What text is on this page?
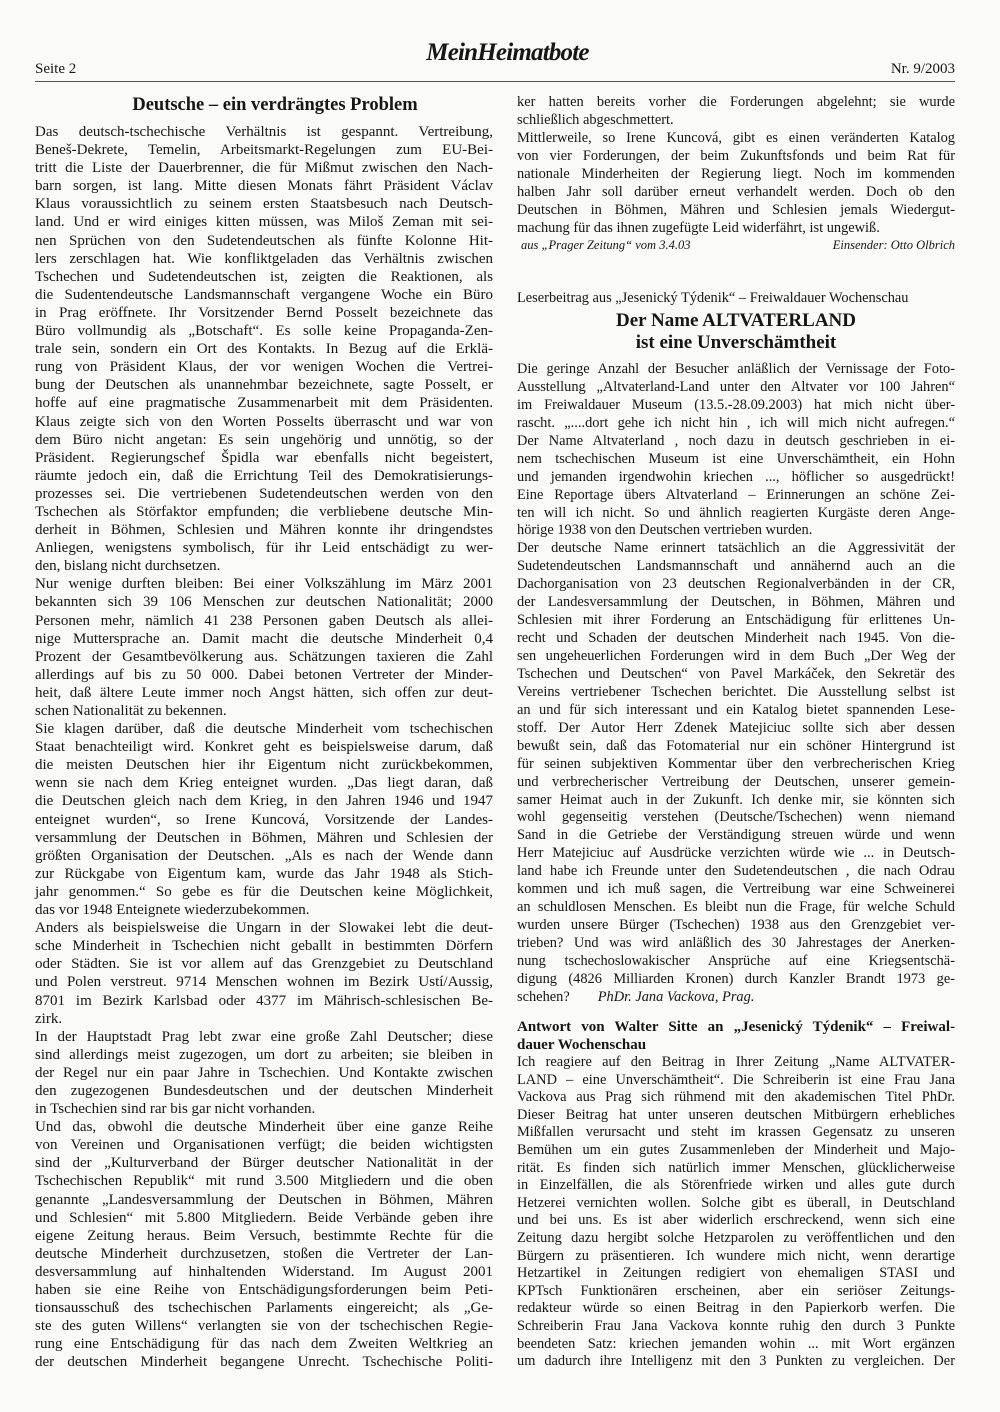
Seite 2
MeinHeimatbote
Nr. 9/2003
Deutsche – ein verdrängtes Problem
Das deutsch-tschechische Verhältnis ist gespannt. Vertreibung,
Beneš-Dekrete, Temelin, Arbeitsmarkt-Regelungen zum EU-Bei-
tritt die Liste der Dauerbrenner, die für Mißmut zwischen den Nach-
barn sorgen, ist lang. Mitte diesen Monats fährt Präsident Václav
Klaus voraussichtlich zu seinem ersten Staatsbesuch nach Deutsch-
land. Und er wird einiges kitten müssen, was Miloš Zeman mit sei-
nen Sprüchen von den Sudetendeutschen als fünfte Kolonne Hit-
lers zerschlagen hat. Wie konfliktgeladen das Verhältnis zwischen
Tschechen und Sudetendeutschen ist, zeigten die Reaktionen, als
die Sudentendeutsche Landsmannschaft vergangene Woche ein Büro
in Prag eröffnete. Ihr Vorsitzender Bernd Posselt bezeichnete das
Büro vollmundig als „Botschaft“. Es solle keine Propaganda-Zen-
trale sein, sondern ein Ort des Kontakts. In Bezug auf die Erklä-
rung von Präsident Klaus, der vor wenigen Wochen die Vertrei-
bung der Deutschen als unannehmbar bezeichnete, sagte Posselt, er
hoffe auf eine pragmatische Zusammenarbeit mit dem Präsidenten.
Klaus zeigte sich von den Worten Posselts überrascht und war von
dem Büro nicht angetan: Es sein ungehörig und unnötig, so der
Präsident. Regierungschef Špidla war ebenfalls nicht begeistert,
räumte jedoch ein, daß die Errichtung Teil des Demokratisierungs-
prozesses sei. Die vertriebenen Sudetendeutschen werden von den
Tschechen als Störfaktor empfunden; die verbliebene deutsche Min-
derheit in Böhmen, Schlesien und Mähren konnte ihr dringendstes
Anliegen, wenigstens symbolisch, für ihr Leid entschädigt zu wer-
den, bislang nicht durchsetzen.
Nur wenige durften bleiben: Bei einer Volkszählung im März 2001
bekannten sich 39 106 Menschen zur deutschen Nationalität; 2000
Personen mehr, nämlich 41 238 Personen gaben Deutsch als allei-
nige Muttersprache an. Damit macht die deutsche Minderheit 0,4
Prozent der Gesamtbevölkerung aus. Schätzungen taxieren die Zahl
allerdings auf bis zu 50 000. Dabei betonen Vertreter der Minder-
heit, daß ältere Leute immer noch Angst hätten, sich offen zur deut-
schen Nationalität zu bekennen.
Sie klagen darüber, daß die deutsche Minderheit vom tschechischen
Staat benachteiligt wird. Konkret geht es beispielsweise darum, daß
die meisten Deutschen hier ihr Eigentum nicht zurückbekommen,
wenn sie nach dem Krieg enteignet wurden. „Das liegt daran, daß
die Deutschen gleich nach dem Krieg, in den Jahren 1946 und 1947
enteignet wurden“, so Irene Kuncová, Vorsitzende der Landes-
versammlung der Deutschen in Böhmen, Mähren und Schlesien der
größten Organisation der Deutschen. „Als es nach der Wende dann
zur Rückgabe von Eigentum kam, wurde das Jahr 1948 als Stich-
jahr genommen.“ So gebe es für die Deutschen keine Möglichkeit,
das vor 1948 Enteignete wiederzubekommen.
Anders als beispielsweise die Ungarn in der Slowakei lebt die deut-
sche Minderheit in Tschechien nicht geballt in bestimmten Dörfern
oder Städten. Sie ist vor allem auf das Grenzgebiet zu Deutschland
und Polen verstreut. 9714 Menschen wohnen im Bezirk Ustí/Aussig,
8701 im Bezirk Karlsbad oder 4377 im Mährisch-schlesischen Be-
zirk.
In der Hauptstadt Prag lebt zwar eine große Zahl Deutscher; diese
sind allerdings meist zugezogen, um dort zu arbeiten; sie bleiben in
der Regel nur ein paar Jahre in Tschechien. Und Kontakte zwischen
den zugezogenen Bundesdeutschen und der deutschen Minderheit
in Tschechien sind rar bis gar nicht vorhanden.
Und das, obwohl die deutsche Minderheit über eine ganze Reihe
von Vereinen und Organisationen verfügt; die beiden wichtigsten
sind der „Kulturverband der Bürger deutscher Nationalität in der
Tschechischen Republik“ mit rund 3.500 Mitgliedern und die oben
genannte „Landesversammlung der Deutschen in Böhmen, Mähren
und Schlesien“ mit 5.800 Mitgliedern. Beide Verbände geben ihre
eigene Zeitung heraus. Beim Versuch, bestimmte Rechte für die
deutsche Minderheit durchzusetzen, stoßen die Vertreter der Lan-
desversammlung auf hinhaltenden Widerstand. Im August 2001
haben sie eine Reihe von Entschädigungsforderungen beim Peti-
tionsausschuß des tschechischen Parlaments eingereicht; als „Ge-
ste des guten Willens“ verlangten sie von der tschechischen Regie-
rung eine Entschädigung für das nach dem Zweiten Weltkrieg an
der deutschen Minderheit begangene Unrecht. Tschechische Politi-
ker hatten bereits vorher die Forderungen abgelehnt; sie wurde
schließlich abgeschmettert.
Mittlerweile, so Irene Kuncová, gibt es einen veränderten Katalog
von vier Forderungen, der beim Zukunftsfonds und beim Rat für
nationale Minderheiten der Regierung liegt. Noch im kommenden
halben Jahr soll darüber erneut verhandelt werden. Doch ob den
Deutschen in Böhmen, Mähren und Schlesien jemals Wiedergut-
machung für das ihnen zugefügte Leid widerfährt, ist ungewiß.
aus „Prager Zeitung“ vom 3.4.03	Einsender: Otto Olbrich
Leserbeitrag aus „Jesenický Týdenik“ – Freiwaldauer Wochenschau
Der Name ALTVATERLAND
ist eine Unverschämtheit
Die geringe Anzahl der Besucher anläßlich der Vernissage der Foto-
Ausstellung „Altvaterland-Land unter den Altvater vor 100 Jahren“
im Freiwaldauer Museum (13.5.-28.09.2003) hat mich nicht über-
rascht. „....dort gehe ich nicht hin , ich will mich nicht aufregen.“
Der Name Altvaterland , noch dazu in deutsch geschrieben in ei-
nem tschechischen Museum ist eine Unverschämtheit, ein Hohn
und jemanden irgendwohin kriechen ..., höflicher so ausgedrückt!
Eine Reportage übers Altvaterland – Erinnerungen an schöne Zei-
ten will ich nicht. So und ähnlich reagierten Kurgäste deren Ange-
hörige 1938 von den Deutschen vertrieben wurden.
Der deutsche Name erinnert tatsächlich an die Aggressivität der
Sudetendeutschen Landsmannschaft und annähernd auch an die
Dachorganisation von 23 deutschen Regionalverbänden in der CR,
der Landesversammlung der Deutschen, in Böhmen, Mähren und
Schlesien mit ihrer Forderung an Entschädigung für erlittenes Un-
recht und Schaden der deutschen Minderheit nach 1945. Von die-
sen ungeheuerlichen Forderungen wird in dem Buch „Der Weg der
Tschechen und Deutschen“ von Pavel Markáček, den Sekretär des
Vereins vertriebener Tschechen berichtet. Die Ausstellung selbst ist
an und für sich interessant und ein Katalog bietet spannenden Lese-
stoff. Der Autor Herr Zdenek Matejiciuc sollte sich aber dessen
bewußt sein, daß das Fotomaterial nur ein schöner Hintergrund ist
für seinen subjektiven Kommentar über den verbrecherischen Krieg
und verbrecherischer Vertreibung der Deutschen, unserer gemein-
samer Heimat auch in der Zukunft. Ich denke mir, sie könnten sich
wohl gegenseitig verstehen (Deutsche/Tschechen) wenn niemand
Sand in die Getriebe der Verständigung streuen würde und wenn
Herr Matejiciuc auf Ausdrücke verzichten würde wie ... in Deutsch-
land habe ich Freunde unter den Sudetendeutschen , die nach Odrau
kommen und ich muß sagen, die Vertreibung war eine Schweinerei
an schuldlosen Menschen. Es bleibt nun die Frage, für welche Schuld
wurden unsere Bürger (Tschechen) 1938 aus den Grenzgebiet ver-
trieben? Und was wird anläßlich des 30 Jahrestages der Anerken-
nung tschechoslowakischer Ansprüche auf eine Kriegsentschä-
digung (4826 Milliarden Kronen) durch Kanzler Brandt 1973 ge-
schehen? PhDr. Jana Vackova, Prag.
Antwort von Walter Sitte an „Jesenický Týdenik“ – Freiwal-
dauer Wochenschau
Ich reagiere auf den Beitrag in Ihrer Zeitung „Name ALTVATER-
LAND – eine Unverschämtheit“. Die Schreiberin ist eine Frau Jana
Vackova aus Prag sich rühmend mit den akademischen Titel PhDr.
Dieser Beitrag hat unter unseren deutschen Mitbürgern erhebliches
Mißfallen verursacht und steht im krassen Gegensatz zu unseren
Bemühen um ein gutes Zusammenleben der Minderheit und Majo-
rität. Es finden sich natürlich immer Menschen, glücklicherweise
in Einzelfällen, die als Störenfriede wirken und alles gute durch
Hetzerei vernichten wollen. Solche gibt es überall, in Deutschland
und bei uns. Es ist aber widerlich erschreckend, wenn sich eine
Zeitung dazu hergibt solche Hetzparolen zu veröffentlichen und den
Bürgern zu präsentieren. Ich wundere mich nicht, wenn derartige
Hetzartikel in Zeitungen redigiert von ehemaligen STASI und
KPTsch Funktionären erscheinen, aber ein seriöser Zeitungs-
redakteur würde so einen Beitrag in den Papierkorb werfen. Die
Schreiberin Frau Jana Vackova konnte ruhig den durch 3 Punkte
beendeten Satz: kriechen jemanden wohin ... mit Wort ergänzen
um dadurch ihre Intelligenz mit den 3 Punkten zu vergleichen. Der
